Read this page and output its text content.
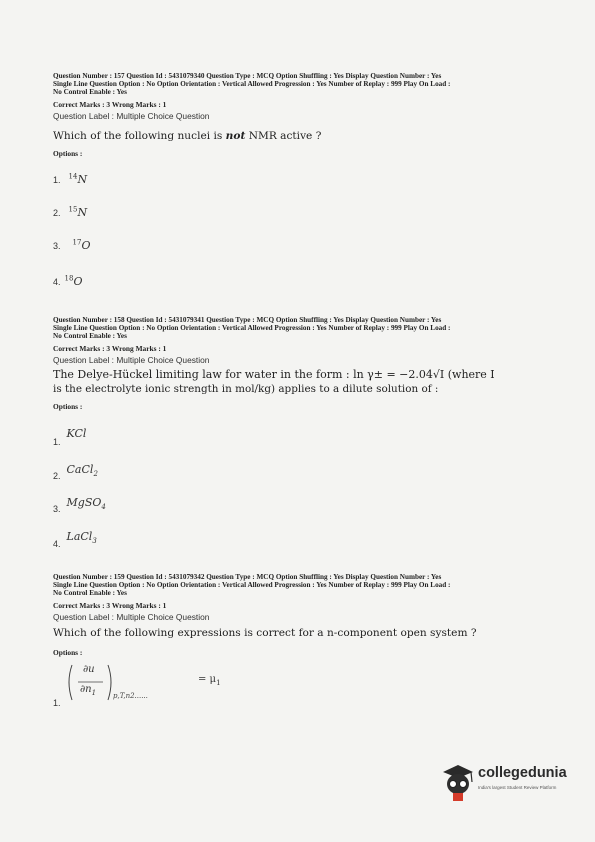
Question Number : 157 Question Id : 5431079340 Question Type : MCQ Option Shuffling : Yes Display Question Number : Yes
Single Line Question Option : No Option Orientation : Vertical Allowed Progression : Yes Number of Replay : 999 Play On Load :
No Control Enable : Yes
Correct Marks : 3 Wrong Marks : 1
Question Label : Multiple Choice Question
Which of the following nuclei is not NMR active ?
Options :
1. $^{14}$N
2. $^{15}$N
3. $^{17}$O
4. $^{18}$O
Question Number : 158 Question Id : 5431079341 Question Type : MCQ Option Shuffling : Yes Display Question Number : Yes
Single Line Question Option : No Option Orientation : Vertical Allowed Progression : Yes Number of Replay : 999 Play On Load :
No Control Enable : Yes
Correct Marks : 3 Wrong Marks : 1
Question Label : Multiple Choice Question
The Delye-Hückel limiting law for water in the form : ln γ± = −2.04√I (where I
is the electrolyte ionic strength in mol/kg) applies to a dilute solution of :
Options :
$_{1.}$KCl
$_{2.}$ CaCl$_2$
$_{3.}$ MgSO$_4$
$_{4.}$LaCl$_3$
Question Number : 159 Question Id : 5431079342 Question Type : MCQ Option Shuffling : Yes Display Question Number : Yes
Single Line Question Option : No Option Orientation : Vertical Allowed Progression : Yes Number of Replay : 999 Play On Load :
No Control Enable : Yes
Correct Marks : 3 Wrong Marks : 1
Question Label : Multiple Choice Question
Which of the following expressions is correct for a n-component open system ?
Options :
∂u
$\partial n_1$ p,T,n2......
= $\mu_1$
1.
collegedunia
India's largest Student Review Platform
